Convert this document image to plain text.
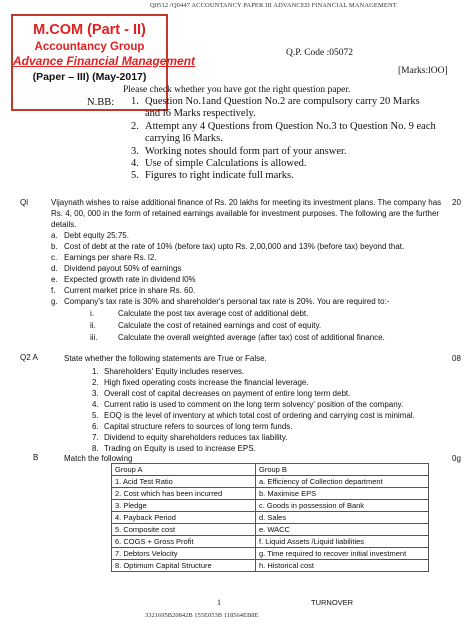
Q0512 /Q0447 ACCOUNTANCY PAPER III ADVANCED FINANCIAL MANAGEMENT
M.COM (Part - II)
Accountancy Group
Advance Financial Management
(Paper – III) (May-2017)
Q.P. Code :05072
[Marks:lOO]
Please check whether you have got the right question paper.
N.BB: 1. Question No.1and Question No.2 are compulsory carry 20 Marks
and l6 Marks respectively.
2. Attempt any 4 Questions from Question No.3 to Question No. 9 each
carrying l6 Marks.
3. Working notes should form part of your answer.
4. Use of simple Calculations is allowed.
5. Figures to right indicate full marks.
Ql	20
Vijaynath wishes to raise additional finance of Rs. 20 lakhs for meeting its investment plans. The company has Rs. 4, 00, 000 in the form of retained earnings available for investment purposes. The following are the further details.
a. Debt equity 25:75.
b. Cost of debt at the rate of 10% (before tax) upto Rs. 2,00,000 and 13% (before tax) beyond that.
c. Earnings per share Rs. l2.
d. Dividend payout 50% of earnings
e. Expected growth rate in dividend l0%
f. Current market price in share Rs. 60.
g. Company's tax rate is 30% and shareholder's personal tax rate is 20%. You are required to:-
i.	Calculate the post tax average cost of additional debt.
ii.	Calculate the cost of retained earnings and cost of equity.
iii.	Calculate the overall weighted average (after tax) cost of additional finance.
Q2 A	08
State whether the following statements are True or False.
1. Shareholders' Equity includes reserves.
2. High fixed operating costs increase the financial leverage.
3. Overall cost of capital decreases on payment of entire long term debt.
4. Current ratio is used to comment on the long term solvency' position of the company.
5. EOQ is the level of inventory at which total cost of ordering and carrying cost is minimal.
6. Capital structure refers to sources of long term funds.
7. Dividend to equity shareholders reduces tax liability.
8. Trading on Equity is used to increase EPS.
B	0g
Match the following
Group A	Group B
1. Acid Test Ratio	a. Efficiency of Collection department
2. Cost which has been incurred	b. Maximise EPS
3. Pledge	c. Goods in possession of Bank
4. Payback Period	d. Sales
5. Composite cost	e. WACC
6. COGS + Gross Profit	f. Liquid Assets /Liquid liabilities
7. Debtors Velocity	g. Time required to recover initial investment
8. Optimum Capital Structure	h. Historical cost
1	TURNOVER
3321695B20842B 155E053B 118564EB8E
